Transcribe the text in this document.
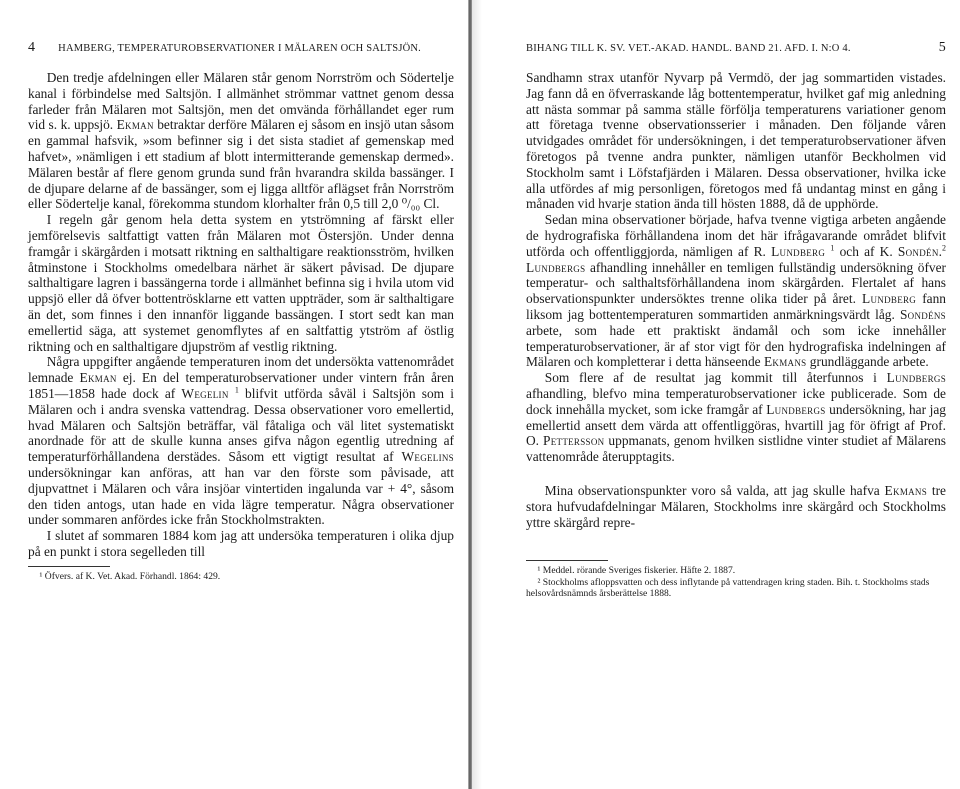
4 HAMBERG, TEMPERATUROBSERVATIONER I MÄLAREN OCH SALTSJÖN.

Den tredje afdelningen eller Mälaren står genom Norrström och Södertelje kanal i förbindelse med Saltsjön. I allmänhet strömmar vattnet genom dessa farleder från Mälaren mot Saltsjön, men det omvända förhållandet eger rum vid s. k. uppsjö. Ekman betraktar derföre Mälaren ej såsom en insjö utan såsom en gammal hafsvik, »som befinner sig i det sista stadiet af gemenskap med hafvet», »nämligen i ett stadium af blott intermitterande gemenskap dermed». Mälaren består af flere genom grunda sund från hvarandra skilda bassänger. I de djupare delarne af de bassänger, som ej ligga alltför aflägset från Norrström eller Södertelje kanal, förekomma stundom klorhalter från 0,5 till 2,0 ⁰/₀₀ Cl.

I regeln går genom hela detta system en ytströmning af färskt eller jemförelsevis saltfattigt vatten från Mälaren mot Östersjön. Under denna framgår i skärgården i motsatt riktning en salthaltigare reaktionsström, hvilken åtminstone i Stockholms omedelbara närhet är säkert påvisad. De djupare salthaltigare lagren i bassängerna torde i allmänhet befinna sig i hvila utom vid uppsjö eller då öfver bottentrösklarne ett vatten uppträder, som är salthaltigare än det, som finnes i den innanför liggande bassängen. I stort sedt kan man emellertid säga, att systemet genomflytes af en saltfattig ytström af östlig riktning och en salthaltigare djupström af vestlig riktning.

Några uppgifter angående temperaturen inom det undersökta vattenområdet lemnade Ekman ej. En del temperaturobservationer under vintern från åren 1851—1858 hade dock af Wegelin $^1$ blifvit utförda såväl i Saltsjön som i Mälaren och i andra svenska vattendrag. Dessa observationer voro emellertid, hvad Mälaren och Saltsjön beträffar, väl fåtaliga och väl litet systematiskt anordnade för att de skulle kunna anses gifva någon egentlig utredning af temperaturförhållandena derstädes. Såsom ett vigtigt resultat af Wegelins undersökningar kan anföras, att han var den förste som påvisade, att djupvattnet i Mälaren och våra insjöar vintertiden ingalunda var + 4°, såsom den tiden antogs, utan hade en vida lägre temperatur. Några observationer under sommaren anfördes icke från Stockholmstrakten.

I slutet af sommaren 1884 kom jag att undersöka temperaturen i olika djup på en punkt i stora segelleden till

¹ Öfvers. af K. Vet. Akad. Förhandl. 1864: 429.

BIHANG TILL K. SV. VET.-AKAD. HANDL. BAND 21. AFD. I. N:O 4.	5

Sandhamn strax utanför Nyvarp på Vermdö, der jag sommartiden vistades. Jag fann då en öfverraskande låg bottentemperatur, hvilket gaf mig anledning att nästa sommar på samma ställe förfölja temperaturens variationer genom att företaga tvenne observationsserier i månaden. Den följande våren utvidgades området för undersökningen, i det temperaturobservationer äfven företogos på tvenne andra punkter, nämligen utanför Beckholmen vid Stockholm samt i Löfstafjärden i Mälaren. Dessa observationer, hvilka icke alla utfördes af mig personligen, företogos med få undantag minst en gång i månaden vid hvarje station ända till hösten 1888, då de upphörde.

Sedan mina observationer började, hafva tvenne vigtiga arbeten angående de hydrografiska förhållandena inom det här ifrågavarande området blifvit utförda och offentliggjorda, nämligen af R. Lundberg $^1$ och af K. Sondén.$^2$ Lundbergs afhandling innehåller en temligen fullständig undersökning öfver temperatur- och salthaltsförhållandena inom skärgården. Flertalet af hans observationspunkter undersöktes trenne olika tider på året. Lundberg fann liksom jag bottentemperaturen sommartiden anmärkningsvärdt låg. Sondéns arbete, som hade ett praktiskt ändamål och som icke innehåller temperaturobservationer, är af stor vigt för den hydrografiska indelningen af Mälaren och kompletterar i detta hänseende Ekmans grundläggande arbete.

Som flere af de resultat jag kommit till återfunnos i Lundbergs afhandling, blefvo mina temperaturobservationer icke publicerade. Som de dock innehålla mycket, som icke framgår af Lundbergs undersökning, har jag emellertid ansett dem värda att offentliggöras, hvartill jag för öfrigt af Prof. O. Pettersson uppmanats, genom hvilken sistlidne vinter studiet af Mälarens vattenområde återupptagits.

Mina observationspunkter voro så valda, att jag skulle hafva Ekmans tre stora hufvudafdelningar Mälaren, Stockholms inre skärgård och Stockholms yttre skärgård repre-

¹ Meddel. rörande Sveriges fiskerier. Häfte 2. 1887.

² Stockholms afloppsvatten och dess inflytande på vattendragen kring staden. Bih. t. Stockholms stads helsovårdsnämnds årsberättelse 1888.
